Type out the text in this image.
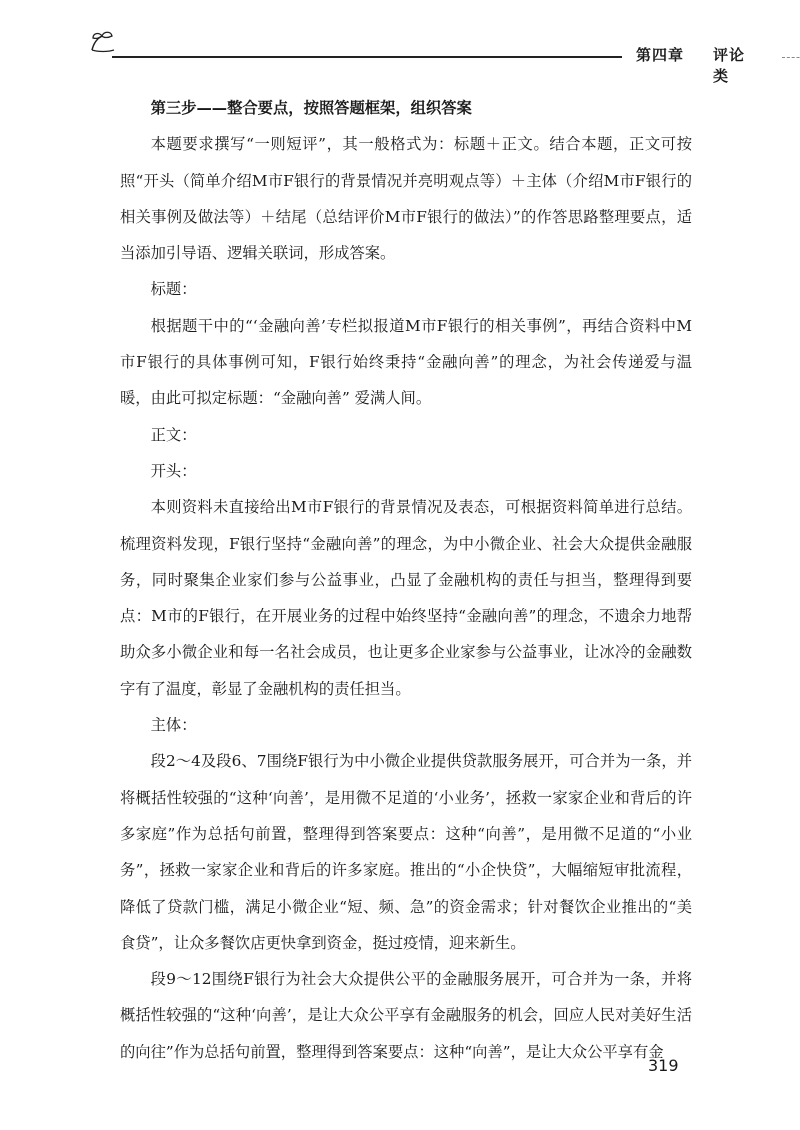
第四章 评论类

第三步——整合要点，按照答题框架，组织答案

本题要求撰写“一则短评”，其一般格式为：标题＋正文。结合本题，正文可按照“开头（简单介绍M市F银行的背景情况并亮明观点等）＋主体（介绍M市F银行的相关事例及做法等）＋结尾（总结评价M市F银行的做法）”的作答思路整理要点，适当添加引导语、逻辑关联词，形成答案。

标题：

根据题干中的“‘金融向善’专栏拟报道M市F银行的相关事例”，再结合资料中M市F银行的具体事例可知，F银行始终秉持“金融向善”的理念，为社会传递爱与温暖，由此可拟定标题：“金融向善” 爱满人间。

正文：

开头：

本则资料未直接给出M市F银行的背景情况及表态，可根据资料简单进行总结。梳理资料发现，F银行坚持“金融向善”的理念，为中小微企业、社会大众提供金融服务，同时聚集企业家们参与公益事业，凸显了金融机构的责任与担当，整理得到要点：M市的F银行，在开展业务的过程中始终坚持“金融向善”的理念，不遗余力地帮助众多小微企业和每一名社会成员，也让更多企业家参与公益事业，让冰冷的金融数字有了温度，彰显了金融机构的责任担当。

主体：

段2～4及段6、7围绕F银行为中小微企业提供贷款服务展开，可合并为一条，并将概括性较强的“这种‘向善’，是用微不足道的‘小业务’，拯救一家家企业和背后的许多家庭”作为总括句前置，整理得到答案要点：这种“向善”，是用微不足道的“小业务”，拯救一家家企业和背后的许多家庭。推出的“小企快贷”，大幅缩短审批流程，降低了贷款门槛，满足小微企业“短、频、急”的资金需求；针对餐饮企业推出的“美食贷”，让众多餐饮店更快拿到资金，挺过疫情，迎来新生。

段9～12围绕F银行为社会大众提供公平的金融服务展开，可合并为一条，并将概括性较强的“这种‘向善’，是让大众公平享有金融服务的机会，回应人民对美好生活的向往”作为总括句前置，整理得到答案要点：这种“向善”，是让大众公平享有金

319
